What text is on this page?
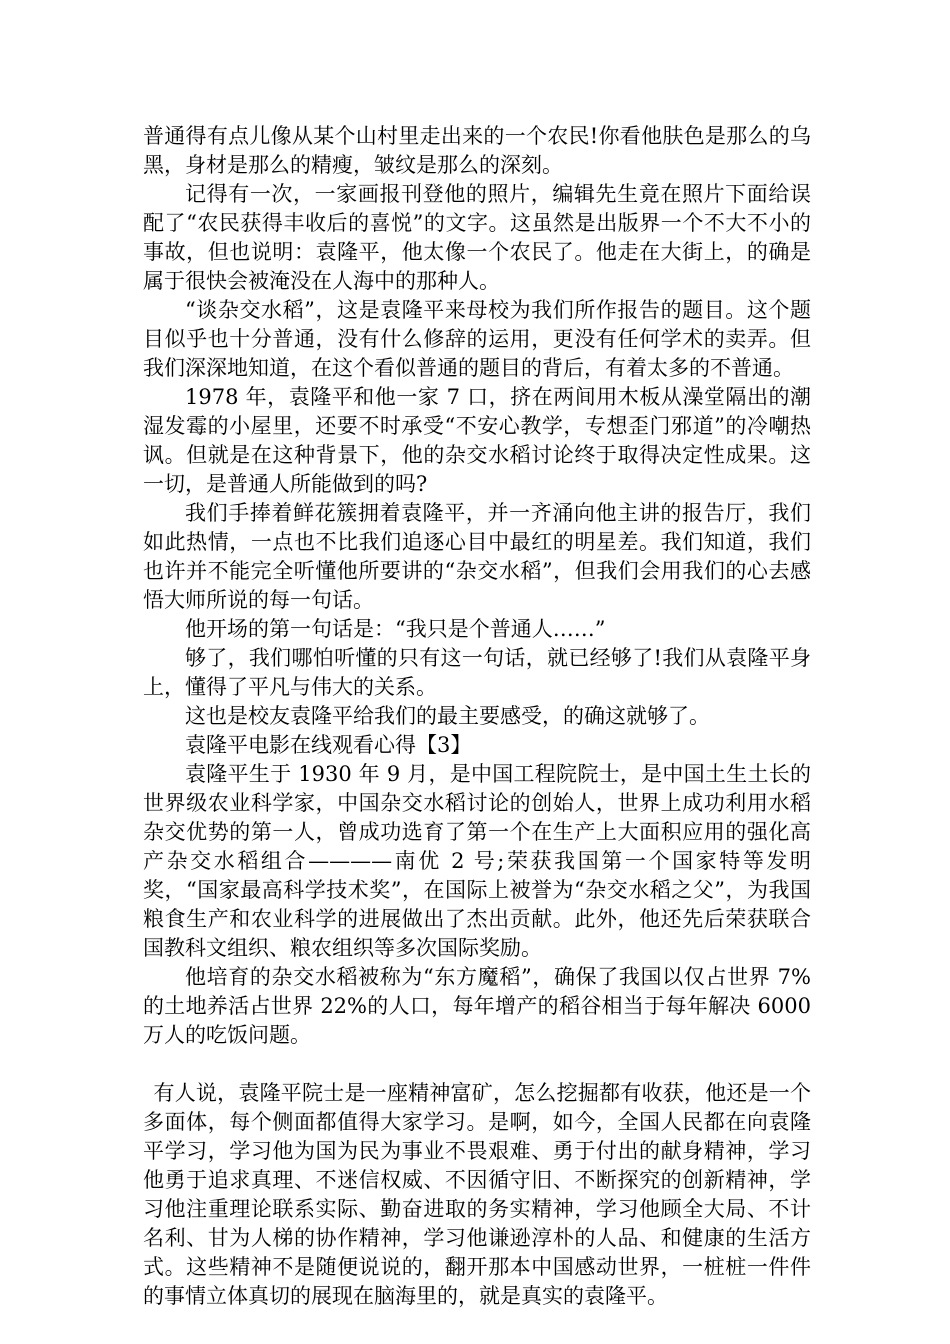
普通得有点儿像从某个山村里走出来的一个农民!你看他肤色是那么的乌黑，身材是那么的精瘦，皱纹是那么的深刻。

记得有一次，一家画报刊登他的照片，编辑先生竟在照片下面给误配了“农民获得丰收后的喜悦”的文字。这虽然是出版界一个不大不小的事故，但也说明：袁隆平，他太像一个农民了。他走在大街上，的确是属于很快会被淹没在人海中的那种人。

“谈杂交水稻”，这是袁隆平来母校为我们所作报告的题目。这个题目似乎也十分普通，没有什么修辞的运用，更没有任何学术的卖弄。但我们深深地知道，在这个看似普通的题目的背后，有着太多的不普通。

1978 年，袁隆平和他一家 7 口，挤在两间用木板从澡堂隔出的潮湿发霉的小屋里，还要不时承受“不安心教学，专想歪门邪道”的冷嘲热讽。但就是在这种背景下，他的杂交水稻讨论终于取得决定性成果。这一切，是普通人所能做到的吗?

我们手捧着鲜花簇拥着袁隆平，并一齐涌向他主讲的报告厅，我们如此热情，一点也不比我们追逐心目中最红的明星差。我们知道，我们也许并不能完全听懂他所要讲的“杂交水稻”，但我们会用我们的心去感悟大师所说的每一句话。

他开场的第一句话是：“我只是个普通人……”

够了，我们哪怕听懂的只有这一句话，就已经够了!我们从袁隆平身上，懂得了平凡与伟大的关系。

这也是校友袁隆平给我们的最主要感受，的确这就够了。

袁隆平电影在线观看心得【3】

袁隆平生于 1930 年 9 月，是中国工程院院士，是中国土生土长的世界级农业科学家，中国杂交水稻讨论的创始人，世界上成功利用水稻杂交优势的第一人，曾成功选育了第一个在生产上大面积应用的强化高产杂交水稻组合————南优 2 号;荣获我国第一个国家特等发明奖，“国家最高科学技术奖”，在国际上被誉为“杂交水稻之父”，为我国粮食生产和农业科学的进展做出了杰出贡献。此外，他还先后荣获联合国教科文组织、粮农组织等多次国际奖励。

他培育的杂交水稻被称为“东方魔稻”，确保了我国以仅占世界 7%的土地养活占世界 22%的人口，每年增产的稻谷相当于每年解决 6000 万人的吃饭问题。

有人说，袁隆平院士是一座精神富矿，怎么挖掘都有收获，他还是一个多面体，每个侧面都值得大家学习。是啊，如今，全国人民都在向袁隆平学习，学习他为国为民为事业不畏艰难、勇于付出的献身精神，学习他勇于追求真理、不迷信权威、不因循守旧、不断探究的创新精神，学习他注重理论联系实际、勤奋进取的务实精神，学习他顾全大局、不计名利、甘为人梯的协作精神，学习他谦逊淳朴的人品、和健康的生活方式。这些精神不是随便说说的，翻开那本中国感动世界，一桩桩一件件的事情立体真切的展现在脑海里的，就是真实的袁隆平。
